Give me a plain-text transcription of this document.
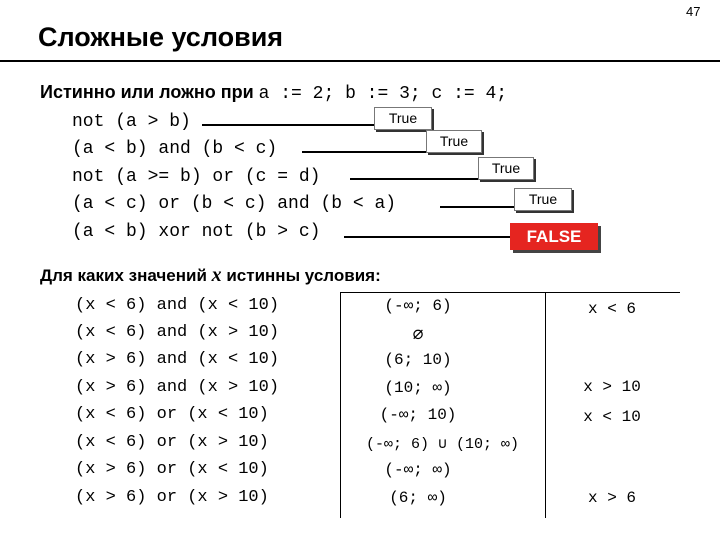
47
Сложные условия
Истинно или ложно при a := 2; b := 3; c := 4;
not (a > b)
(a < b) and (b < c)
not (a >= b) or (c = d)
(a < c) or (b < c) and (b < a)
(a < b) xor not (b > c)
True
True
True
True
FALSE
Для каких значений x истинны условия:
(x < 6) and (x < 10)
(x < 6) and (x > 10)
(x > 6) and (x < 10)
(x > 6) and (x > 10)
(x < 6) or (x < 10)
(x < 6) or (x > 10)
(x > 6) or (x < 10)
(x > 6) or (x > 10)
(-∞; 6)
∅
(6; 10)
(10; ∞)
(-∞; 10)
(-∞; 6) ∪ (10; ∞)
(-∞; ∞)
(6; ∞)
x < 6
x > 10
x < 10
x > 6
